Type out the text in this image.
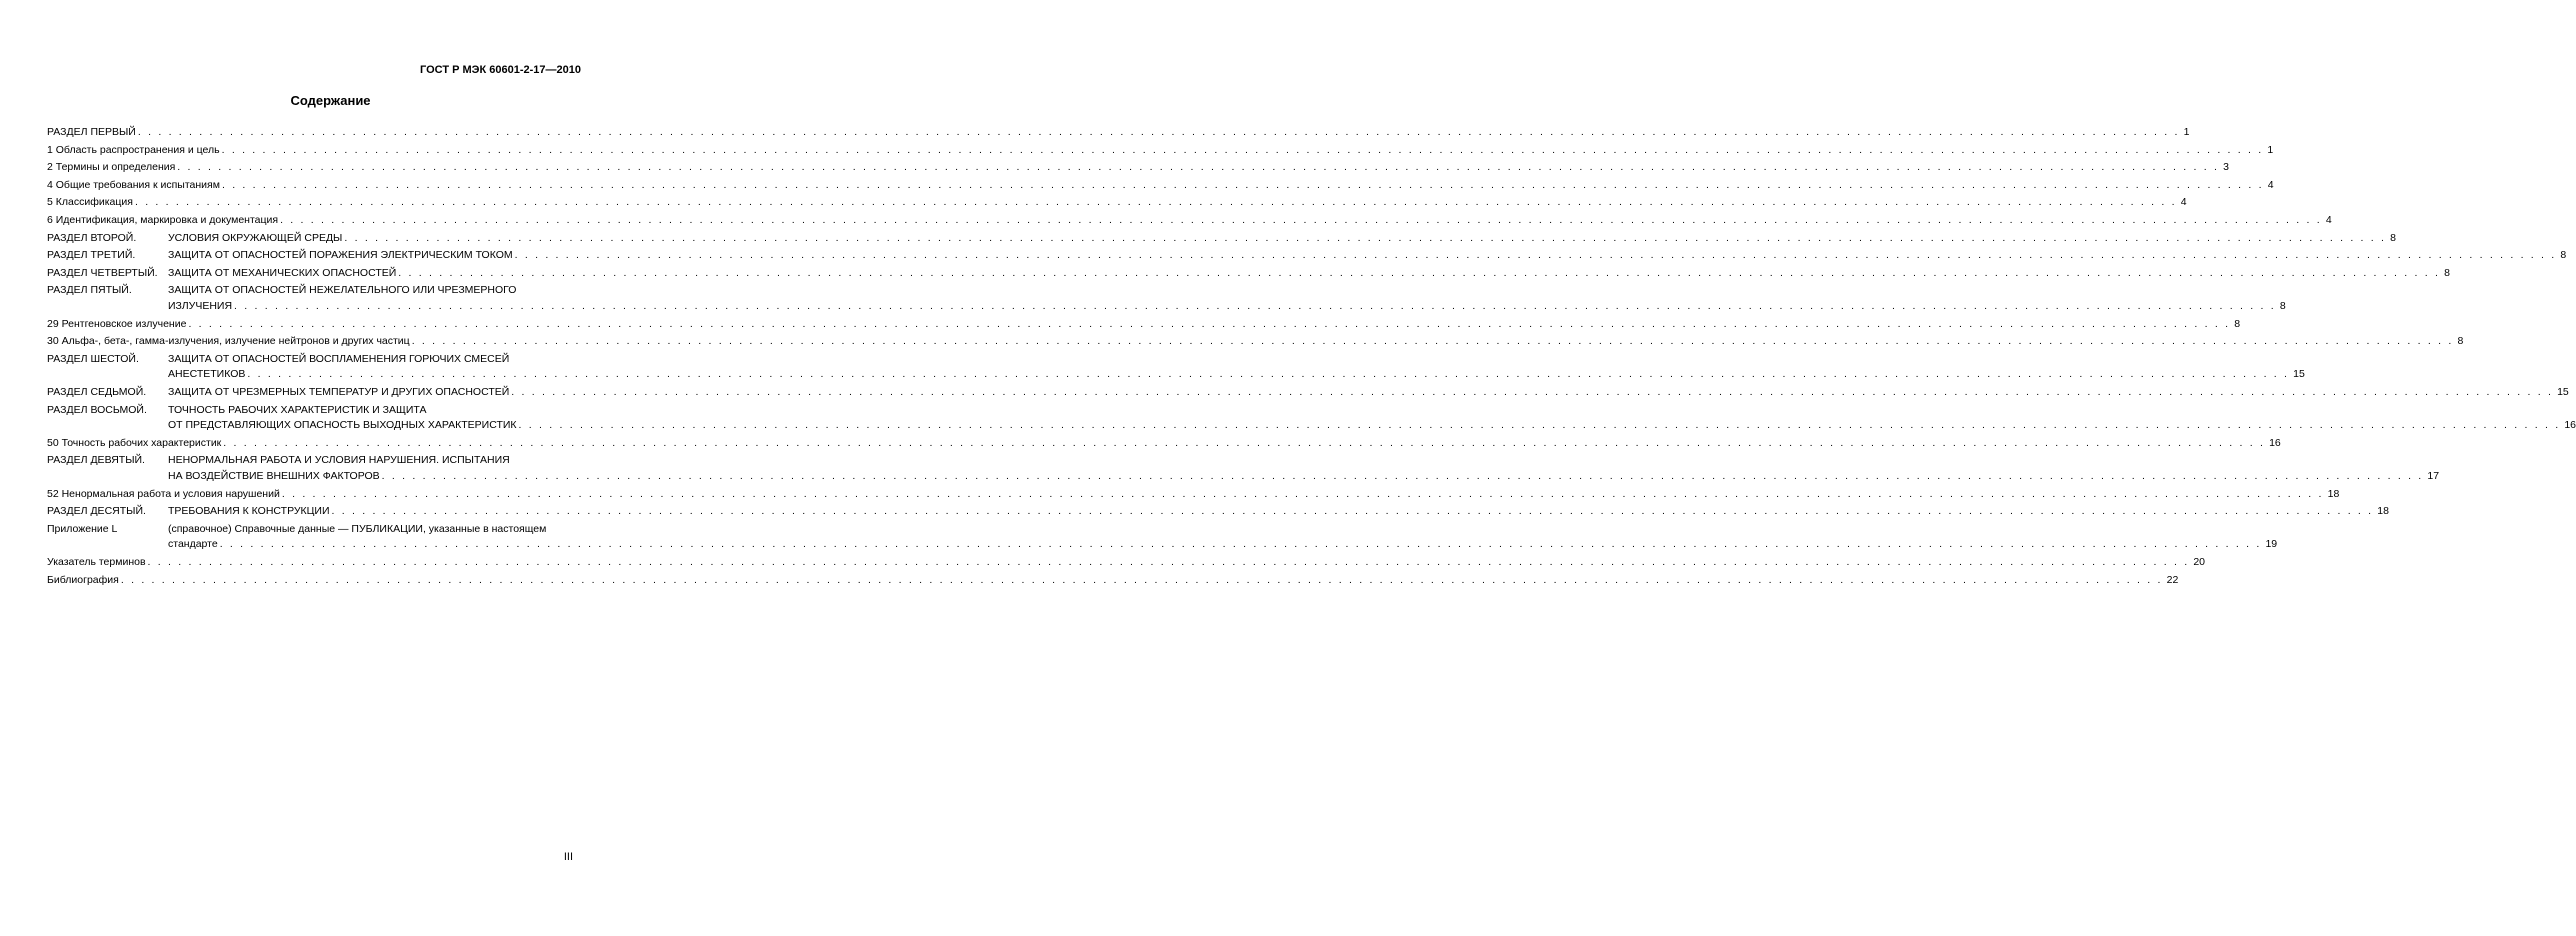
ГОСТ Р МЭК 60601-2-17—2010
Содержание
РАЗДЕЛ ПЕРВЫЙ . . . . . . . . . . . . . . . . . . . . . . . . . . . . . . . . . . . . . . . . . . . . . . . . . . . . . . . . . . . . . . . . . . . . . . . . . . . . . . . . . . . . . . . . . . . . . . . . . . . . . . . . . . . . . . . . . . . . . . . . . . . . . . . . . . . . . . . . . . . . . . . . . . . . . . . . . . . . . . . . . . . . . . . . . . . . . . . . . . . . . . . . . . . . . . . . . . . . . . . . 1
1 Область распространения и цель . . . . . . . . . . . . . . . . . . . . . . . . . . . . . . . . . . . . . . . . . . . . . . . . . . . . . . . . . . . . . . . . . . . . . . . . . . . . . . . . . . . . . . . . . . . . . . . . . . . . . . . . . . . . . . . . . . . . . . . . . . . . . . . . . . . . . . . . . . . . . . . . . . . . . . . . . . . . . . . . . . . . . . . . . . . . . . . . . . . . . . . . . . . . . . . . . . . . . . . . 1
2 Термины и определения . . . . . . . . . . . . . . . . . . . . . . . . . . . . . . . . . . . . . . . . . . . . . . . . . . . . . . . . . . . . . . . . . . . . . . . . . . . . . . . . . . . . . . . . . . . . . . . . . . . . . . . . . . . . . . . . . . . . . . . . . . . . . . . . . . . . . . . . . . . . . . . . . . . . . . . . . . . . . . . . . . . . . . . . . . . . . . . . . . . . . . . . . . . . . . . . . . . . . . . . 3
4 Общие требования к испытаниям . . . . . . . . . . . . . . . . . . . . . . . . . . . . . . . . . . . . . . . . . . . . . . . . . . . . . . . . . . . . . . . . . . . . . . . . . . . . . . . . . . . . . . . . . . . . . . . . . . . . . . . . . . . . . . . . . . . . . . . . . . . . . . . . . . . . . . . . . . . . . . . . . . . . . . . . . . . . . . . . . . . . . . . . . . . . . . . . . . . . . . . . . . . . . . . . . . . . . . . . 4
5 Классификация . . . . . . . . . . . . . . . . . . . . . . . . . . . . . . . . . . . . . . . . . . . . . . . . . . . . . . . . . . . . . . . . . . . . . . . . . . . . . . . . . . . . . . . . . . . . . . . . . . . . . . . . . . . . . . . . . . . . . . . . . . . . . . . . . . . . . . . . . . . . . . . . . . . . . . . . . . . . . . . . . . . . . . . . . . . . . . . . . . . . . . . . . . . . . . . . . . . . . . . . 4
6 Идентификация, маркировка и документация . . . . . . . . . . . . . . . . . . . . . . . . . . . . . . . . . . . . . . . . . . . . . . . . . . . . . . . . . . . . . . . . . . . . . . . . . . . . . . . . . . . . . . . . . . . . . . . . . . . . . . . . . . . . . . . . . . . . . . . . . . . . . . . . . . . . . . . . . . . . . . . . . . . . . . . . . . . . . . . . . . . . . . . . . . . . . . . . . . . . . . . . . . . . . . . . . . . . . . . . 4
РАЗДЕЛ ВТОРОЙ.	УСЛОВИЯ ОКРУЖАЮЩЕЙ СРЕДЫ . . . . . . . . . . . . . . . . . . . . . . . . . . . . . . . . . . . . . . . . . . . . . . . . . . . . . . . . . . . . . . . . . . . . . . . . . . . . . . . . . . . . . . . . . . . . . . . . . . . . . . . . . . . . . . . . . . . . . . . . . . . . . . . . . . . . . . . . . . . . . . . . . . . . . . . . . . . . . . . . . . . . . . . . . . . . . . . . . . . . . . . . . . . . . . . . . . . . . . . . 8
РАЗДЕЛ ТРЕТИЙ.	ЗАЩИТА ОТ ОПАСНОСТЕЙ ПОРАЖЕНИЯ ЭЛЕКТРИЧЕСКИМ ТОКОМ . . . . . . . . . . . . . . . . . . . . . . . . . . . . . . . . . . . . . . . . . . . . . . . . . . . . . . . . . . . . . . . . . . . . . . . . . . . . . . . . . . . . . . . . . . . . . . . . . . . . . . . . . . . . . . . . . . . . . . . . . . . . . . . . . . . . . . . . . . . . . . . . . . . . . . . . . . . . . . . . . . . . . . . . . . . . . . . . . . . . . . . . . . . . . . . . . . . . . . . . 8
РАЗДЕЛ ЧЕТВЕРТЫЙ. ЗАЩИТА ОТ МЕХАНИЧЕСКИХ ОПАСНОСТЕЙ . . . . . . . . . . . . . . . . . . . . . . . . . . . . . . . . . . . . . . . . . . . . . . . . . . . . . . . . . . . . . . . . . . . . . . . . . . . . . . . . . . . . . . . . . . . . . . . . . . . . . . . . . . . . . . . . . . . . . . . . . . . . . . . . . . . . . . . . . . . . . . . . . . . . . . . . . . . . . . . . . . . . . . . . . . . . . . . . . . . . . . . . . . . . . . . . . . . . . . . . 8
РАЗДЕЛ ПЯТЫЙ.	ЗАЩИТА ОТ ОПАСНОСТЕЙ НЕЖЕЛАТЕЛЬНОГО ИЛИ ЧРЕЗМЕРНОГО
ИЗЛУЧЕНИЯ . . . . . . . . . . . . . . . . . . . . . . . . . . . . . . . . . . . . . . . . . . . . . . . . . . . . . . . . . . . . . . . . . . . . . . . . . . . . . . . . . . . . . . . . . . . . . . . . . . . . . . . . . . . . . . . . . . . . . . . . . . . . . . . . . . . . . . . . . . . . . . . . . . . . . . . . . . . . . . . . . . . . . . . . . . . . . . . . . . . . . . . . . . . . . . . . . . . . . . . . 8
29 Рентгеновское излучение . . . . . . . . . . . . . . . . . . . . . . . . . . . . . . . . . . . . . . . . . . . . . . . . . . . . . . . . . . . . . . . . . . . . . . . . . . . . . . . . . . . . . . . . . . . . . . . . . . . . . . . . . . . . . . . . . . . . . . . . . . . . . . . . . . . . . . . . . . . . . . . . . . . . . . . . . . . . . . . . . . . . . . . . . . . . . . . . . . . . . . . . . . . . . . . . . . . . . . . . 8
30 Альфа-, бета-, гамма-излучения, излучение нейтронов и других частиц . . . . . . . . . . . . . . . . . . . . . . . . . . . . . . . . . . . . . . . . . . . . . . . . . . . . . . . . . . . . . . . . . . . . . . . . . . . . . . . . . . . . . . . . . . . . . . . . . . . . . . . . . . . . . . . . . . . . . . . . . . . . . . . . . . . . . . . . . . . . . . . . . . . . . . . . . . . . . . . . . . . . . . . . . . . . . . . . . . . . . . . . . . . . . . . . . . . . . . . . 8
РАЗДЕЛ ШЕСТОЙ.	ЗАЩИТА ОТ ОПАСНОСТЕЙ ВОСПЛАМЕНЕНИЯ ГОРЮЧИХ СМЕСЕЙ
АНЕСТЕТИКОВ . . . . . . . . . . . . . . . . . . . . . . . . . . . . . . . . . . . . . . . . . . . . . . . . . . . . . . . . . . . . . . . . . . . . . . . . . . . . . . . . . . . . . . . . . . . . . . . . . . . . . . . . . . . . . . . . . . . . . . . . . . . . . . . . . . . . . . . . . . . . . . . . . . . . . . . . . . . . . . . . . . . . . . . . . . . . . . . . . . . . . . . . . . . . . . . . . . . . . . . . 15
РАЗДЕЛ СЕДЬМОЙ.	ЗАЩИТА ОТ ЧРЕЗМЕРНЫХ ТЕМПЕРАТУР И ДРУГИХ ОПАСНОСТЕЙ . . . . . . . . . . . . . . . . . . . . . . . . . . . . . . . . . . . . . . . . . . . . . . . . . . . . . . . . . . . . . . . . . . . . . . . . . . . . . . . . . . . . . . . . . . . . . . . . . . . . . . . . . . . . . . . . . . . . . . . . . . . . . . . . . . . . . . . . . . . . . . . . . . . . . . . . . . . . . . . . . . . . . . . . . . . . . . . . . . . . . . . . . . . . . . . . . . . . . . . . 15
РАЗДЕЛ ВОСЬМОЙ.	ТОЧНОСТЬ РАБОЧИХ ХАРАКТЕРИСТИК И ЗАЩИТА
ОТ ПРЕДСТАВЛЯЮЩИХ ОПАСНОСТЬ ВЫХОДНЫХ ХАРАКТЕРИСТИК . . . . . . . . . . . . . . . . . . . . . . . . . . . . . . . . . . . . . . . . . . . . . . . . . . . . . . . . . . . . . . . . . . . . . . . . . . . . . . . . . . . . . . . . . . . . . . . . . . . . . . . . . . . . . . . . . . . . . . . . . . . . . . . . . . . . . . . . . . . . . . . . . . . . . . . . . . . . . . . . . . . . . . . . . . . . . . . . . . . . . . . . . . . . . . . . . . . . . . . . 16
50 Точность рабочих характеристик . . . . . . . . . . . . . . . . . . . . . . . . . . . . . . . . . . . . . . . . . . . . . . . . . . . . . . . . . . . . . . . . . . . . . . . . . . . . . . . . . . . . . . . . . . . . . . . . . . . . . . . . . . . . . . . . . . . . . . . . . . . . . . . . . . . . . . . . . . . . . . . . . . . . . . . . . . . . . . . . . . . . . . . . . . . . . . . . . . . . . . . . . . . . . . . . . . . . . . . . 16
РАЗДЕЛ ДЕВЯТЫЙ.	НЕНОРМАЛЬНАЯ РАБОТА И УСЛОВИЯ НАРУШЕНИЯ. ИСПЫТАНИЯ
НА ВОЗДЕЙСТВИЕ ВНЕШНИХ ФАКТОРОВ . . . . . . . . . . . . . . . . . . . . . . . . . . . . . . . . . . . . . . . . . . . . . . . . . . . . . . . . . . . . . . . . . . . . . . . . . . . . . . . . . . . . . . . . . . . . . . . . . . . . . . . . . . . . . . . . . . . . . . . . . . . . . . . . . . . . . . . . . . . . . . . . . . . . . . . . . . . . . . . . . . . . . . . . . . . . . . . . . . . . . . . . . . . . . . . . . . . . . . . . 17
52 Ненормальная работа и условия нарушений . . . . . . . . . . . . . . . . . . . . . . . . . . . . . . . . . . . . . . . . . . . . . . . . . . . . . . . . . . . . . . . . . . . . . . . . . . . . . . . . . . . . . . . . . . . . . . . . . . . . . . . . . . . . . . . . . . . . . . . . . . . . . . . . . . . . . . . . . . . . . . . . . . . . . . . . . . . . . . . . . . . . . . . . . . . . . . . . . . . . . . . . . . . . . . . . . . . . . . . . 18
РАЗДЕЛ ДЕСЯТЫЙ.	ТРЕБОВАНИЯ К КОНСТРУКЦИИ . . . . . . . . . . . . . . . . . . . . . . . . . . . . . . . . . . . . . . . . . . . . . . . . . . . . . . . . . . . . . . . . . . . . . . . . . . . . . . . . . . . . . . . . . . . . . . . . . . . . . . . . . . . . . . . . . . . . . . . . . . . . . . . . . . . . . . . . . . . . . . . . . . . . . . . . . . . . . . . . . . . . . . . . . . . . . . . . . . . . . . . . . . . . . . . . . . . . . . . . 18
Приложение L	(справочное) Справочные данные — ПУБЛИКАЦИИ, указанные в настоящем
стандарте . . . . . . . . . . . . . . . . . . . . . . . . . . . . . . . . . . . . . . . . . . . . . . . . . . . . . . . . . . . . . . . . . . . . . . . . . . . . . . . . . . . . . . . . . . . . . . . . . . . . . . . . . . . . . . . . . . . . . . . . . . . . . . . . . . . . . . . . . . . . . . . . . . . . . . . . . . . . . . . . . . . . . . . . . . . . . . . . . . . . . . . . . . . . . . . . . . . . . . . . 19
Указатель терминов . . . . . . . . . . . . . . . . . . . . . . . . . . . . . . . . . . . . . . . . . . . . . . . . . . . . . . . . . . . . . . . . . . . . . . . . . . . . . . . . . . . . . . . . . . . . . . . . . . . . . . . . . . . . . . . . . . . . . . . . . . . . . . . . . . . . . . . . . . . . . . . . . . . . . . . . . . . . . . . . . . . . . . . . . . . . . . . . . . . . . . . . . . . . . . . . . . . . . . . . 20
Библиография . . . . . . . . . . . . . . . . . . . . . . . . . . . . . . . . . . . . . . . . . . . . . . . . . . . . . . . . . . . . . . . . . . . . . . . . . . . . . . . . . . . . . . . . . . . . . . . . . . . . . . . . . . . . . . . . . . . . . . . . . . . . . . . . . . . . . . . . . . . . . . . . . . . . . . . . . . . . . . . . . . . . . . . . . . . . . . . . . . . . . . . . . . . . . . . . . . . . . . . . 22
III
